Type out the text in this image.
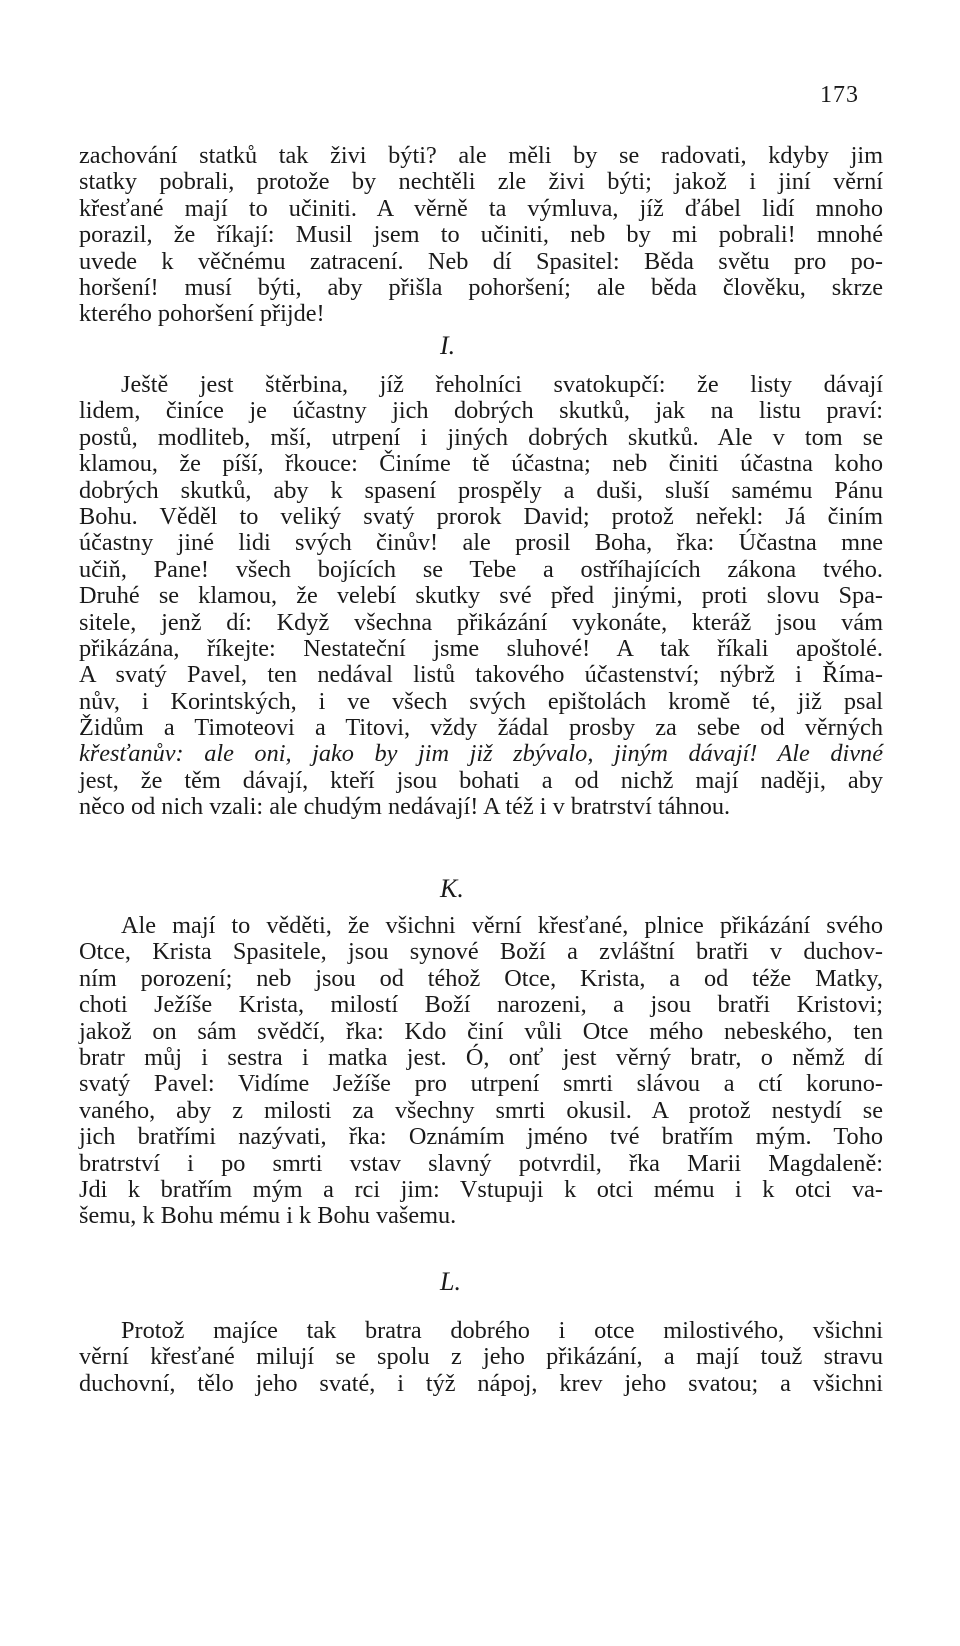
173
zachování statků tak živi býti? ale měli by se radovati, kdyby jim
statky pobrali, protože by nechtěli zle živi býti; jakož i jiní věrní
křesťané mají to učiniti. A věrně ta výmluva, jíž ďábel lidí mnoho
porazil, že říkají: Musil jsem to učiniti, neb by mi pobrali! mnohé
uvede k věčnému zatracení. Neb dí Spasitel: Běda světu pro po-
horšení! musí býti, aby přišla pohoršení; ale běda člověku, skrze
kterého pohoršení přijde!
I.
Ještě jest štěrbina, jíž řeholníci svatokupčí: že listy dávají
lidem, činíce je účastny jich dobrých skutků, jak na listu praví:
postů, modliteb, mší, utrpení i jiných dobrých skutků. Ale v tom se
klamou, že píší, řkouce: Činíme tě účastna; neb činiti účastna koho
dobrých skutků, aby k spasení prospěly a duši, sluší samému Pánu
Bohu. Věděl to veliký svatý prorok David; protož neřekl: Já činím
účastny jiné lidi svých činův! ale prosil Boha, řka: Účastna mne
učiň, Pane! všech bojících se Tebe a ostříhajících zákona tvého.
Druhé se klamou, že velebí skutky své před jinými, proti slovu Spa-
sitele, jenž dí: Když všechna přikázání vykonáte, kteráž jsou vám
přikázána, říkejte: Nestateční jsme sluhové! A tak říkali apoštolé.
A svatý Pavel, ten nedával listů takového účastenství; nýbrž i Říma-
nův, i Korintských, i ve všech svých epištolách kromě té, již psal
Židům a Timoteovi a Titovi, vždy žádal prosby za sebe od věrných
křesťanův: ale oni, jako by jim již zbývalo, jiným dávají! Ale divné
jest, že těm dávají, kteří jsou bohati a od nichž mají naději, aby
něco od nich vzali: ale chudým nedávají! A též i v bratrství táhnou.
K.
Ale mají to věděti, že všichni věrní křesťané, plnice přikázání svého
Otce, Krista Spasitele, jsou synové Boží a zvláštní bratři v duchov-
ním porození; neb jsou od téhož Otce, Krista, a od téže Matky,
choti Ježíše Krista, milostí Boží narozeni, a jsou bratři Kristovi;
jakož on sám svědčí, řka: Kdo činí vůli Otce mého nebeského, ten
bratr můj i sestra i matka jest. Ó, onť jest věrný bratr, o němž dí
svatý Pavel: Vidíme Ježíše pro utrpení smrti slávou a ctí koruno-
vaného, aby z milosti za všechny smrti okusil. A protož nestydí se
jich bratřími nazývati, řka: Oznámím jméno tvé bratřím mým. Toho
bratrství i po smrti vstav slavný potvrdil, řka Marii Magdaleně:
Jdi k bratřím mým a rci jim: Vstupuji k otci mému i k otci va-
šemu, k Bohu mému i k Bohu vašemu.
L.
Protož majíce tak bratra dobrého i otce milostivého, všichni
věrní křesťané milují se spolu z jeho přikázání, a mají touž stravu
duchovní, tělo jeho svaté, i týž nápoj, krev jeho svatou; a všichni
